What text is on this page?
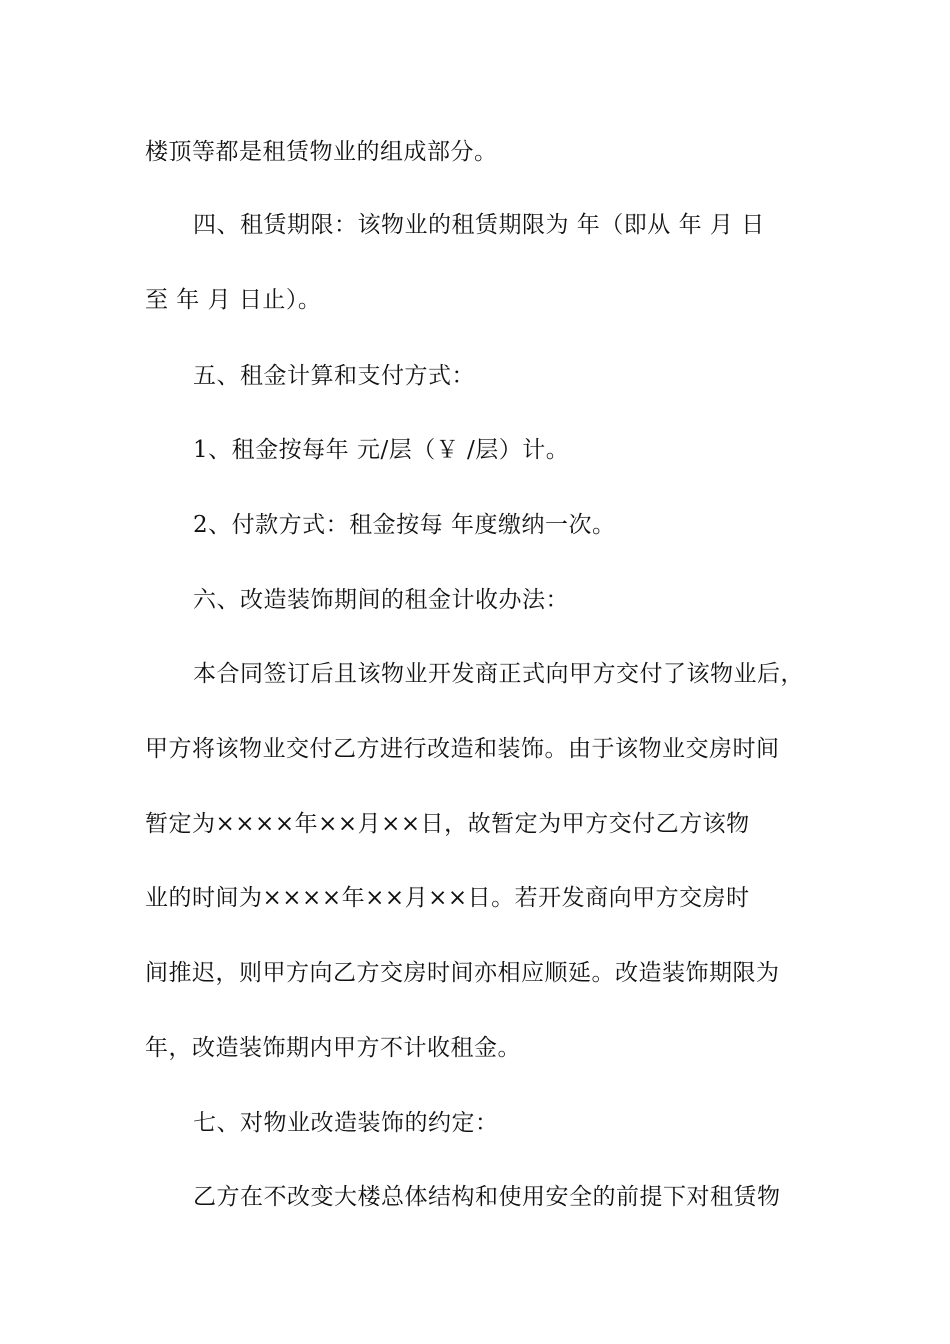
楼顶等都是租赁物业的组成部分。
四、租赁期限：该物业的租赁期限为 年（即从 年 月 日
至 年 月 日止）。
五、租金计算和支付方式：
1、租金按每年 元/层（￥ /层）计。
2、付款方式：租金按每 年度缴纳一次。
六、改造装饰期间的租金计收办法：
本合同签订后且该物业开发商正式向甲方交付了该物业后，
甲方将该物业交付乙方进行改造和装饰。由于该物业交房时间
暂定为××××年××月××日，故暂定为甲方交付乙方该物
业的时间为××××年××月××日。若开发商向甲方交房时
间推迟，则甲方向乙方交房时间亦相应顺延。改造装饰期限为
年，改造装饰期内甲方不计收租金。
七、对物业改造装饰的约定：
乙方在不改变大楼总体结构和使用安全的前提下对租赁物
